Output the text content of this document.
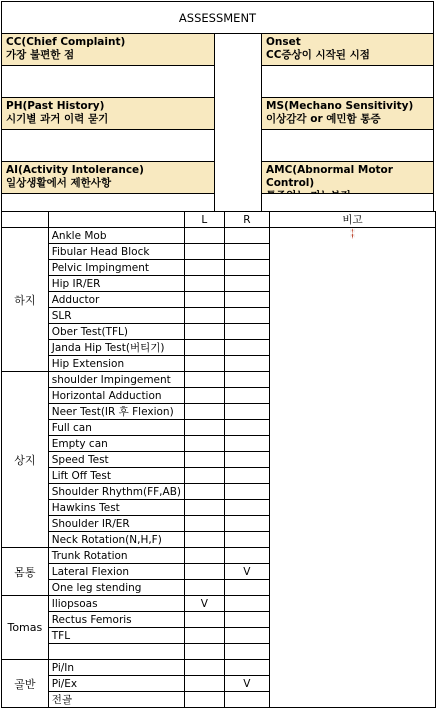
ASSESSMENT
CC(Chief Complaint)
가장 불편한 점
PH(Past History)
시기별 과거 이력 묻기
AI(Activity Intolerance)
일상생활에서 제한사항
Onset
CC증상이 시작된 시점
MS(Mechano Sensitivity)
이상감각 or 예민함 통증
AMC(Abnormal Motor Control)
		L	R	비고
하지	Ankle Mob			

	Fibular Head Block			
	Pelvic Impingment			
	Hip IR/ER			
	Adductor			
	SLR			
	Ober Test(TFL)			
	Janda Hip Test(버티기)			
	Hip Extension			
상지	shoulder Impingement			
	Horizontal Adduction			
	Neer Test(IR 후 Flexion)			
	Full can			
	Empty can			
	Speed Test			
	Lift Off Test			
	Shoulder Rhythm(FF,AB)			
	Hawkins Test			
	Shoulder IR/ER			
	Neck Rotation(N,H,F)			
몸통	Trunk Rotation			
	Lateral Flexion		V	
	One leg stending			
Tomas	Iliopsoas	V		
	Rectus Femoris			
	TFL			

골반	Pi/In			
	Pi/Ex		V	
	전골			
